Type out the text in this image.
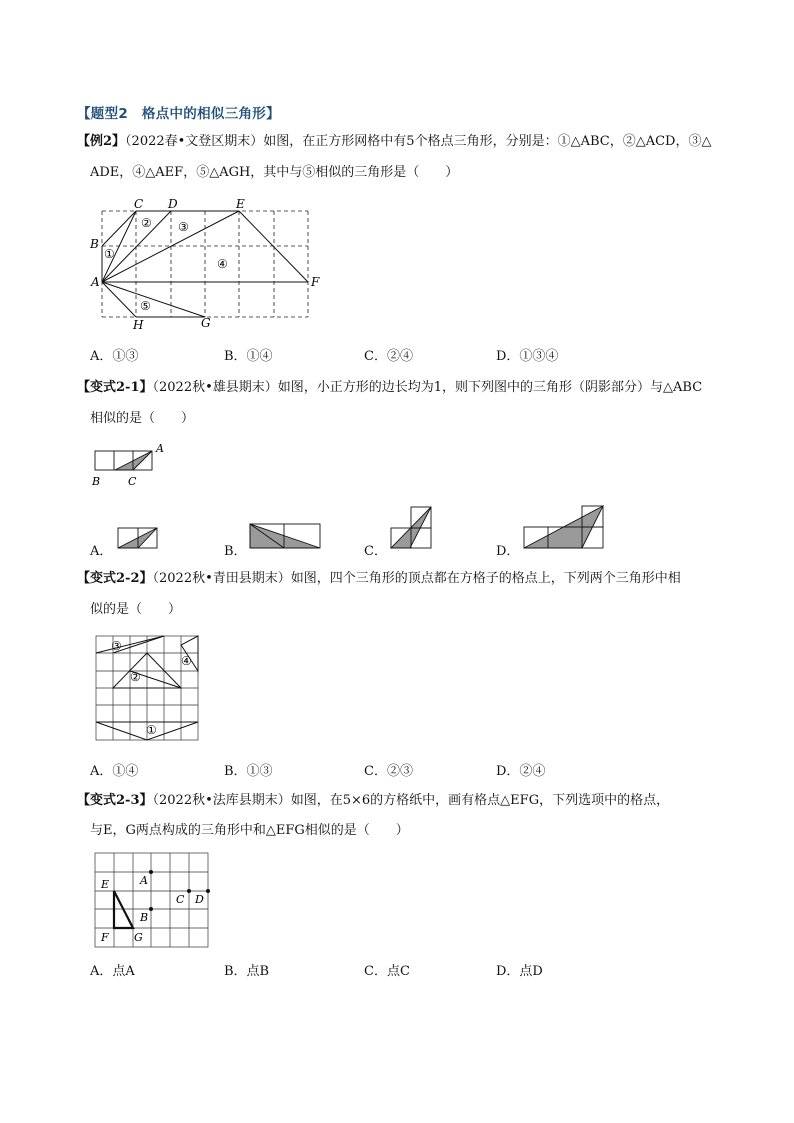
【题型2　格点中的相似三角形】
【例2】（2022春•文登区期末）如图，在正方形网格中有5个格点三角形，分别是：①△ABC，②△ACD，③△
ADE，④△AEF，⑤△AGH，其中与⑤相似的三角形是（　　）
C D	E
B
A	F
H	G
①
② ③
④
⑤
A．①③	B．①④	C．②④	D．①③④
【变式2-1】（2022秋•雄县期末）如图，小正方形的边长均为1，则下列图中的三角形（阴影部分）与△ABC
相似的是（　　）
A
B	C
A．	B．	C．	D．
【变式2-2】（2022秋•青田县期末）如图，四个三角形的顶点都在方格子的格点上，下列两个三角形中相
似的是（　　）
③
②
④
①
A．①④	B．①③	C．②③	D．②④
【变式2-3】（2022秋•法库县期末）如图，在5×6的方格纸中，画有格点△EFG，下列选项中的格点，
与E，G两点构成的三角形中和△EFG相似的是（　　）
E	A
C D
B
F G
A．点A	B．点B	C．点C	D．点D
